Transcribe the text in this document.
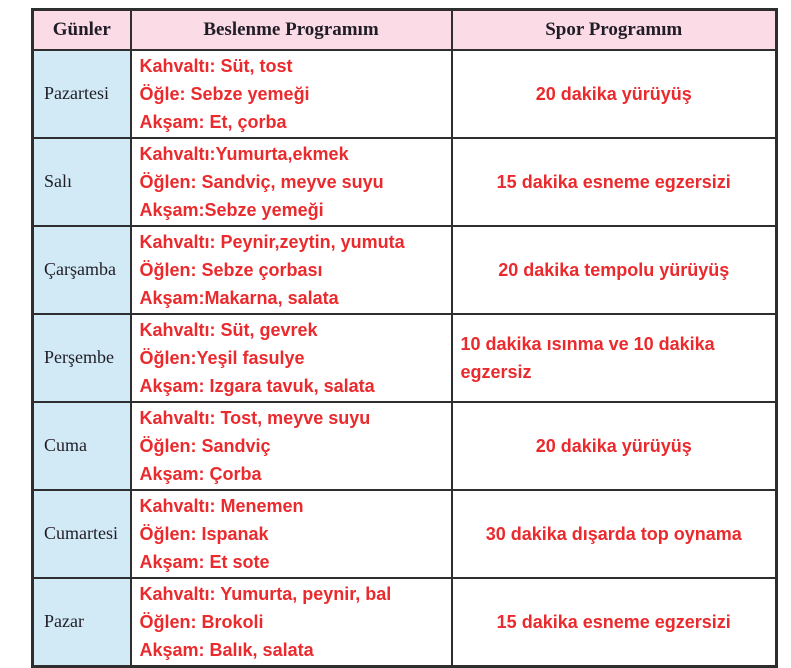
Günler	Beslenme Programım	Spor Programım
Pazartesi	Kahvaltı: Süt, tost
Öğle: Sebze yemeği
Akşam: Et, çorba	20 dakika yürüyüş
Salı	Kahvaltı:Yumurta,ekmek
Öğlen: Sandviç, meyve suyu
Akşam:Sebze yemeği	15 dakika esneme egzersizi
Çarşamba	Kahvaltı: Peynir,zeytin, yumuta
Öğlen: Sebze çorbası
Akşam:Makarna, salata	20 dakika tempolu yürüyüş
Perşembe	Kahvaltı: Süt, gevrek
Öğlen:Yeşil fasulye
Akşam: Izgara tavuk, salata	10 dakika ısınma ve 10 dakika egzersiz
Cuma	Kahvaltı: Tost, meyve suyu
Öğlen: Sandviç
Akşam: Çorba	20 dakika yürüyüş
Cumartesi	Kahvaltı: Menemen
Öğlen: Ispanak
Akşam: Et sote	30 dakika dışarda top oynama
Pazar	Kahvaltı: Yumurta, peynir, bal
Öğlen: Brokoli
Akşam: Balık, salata	15 dakika esneme egzersizi
